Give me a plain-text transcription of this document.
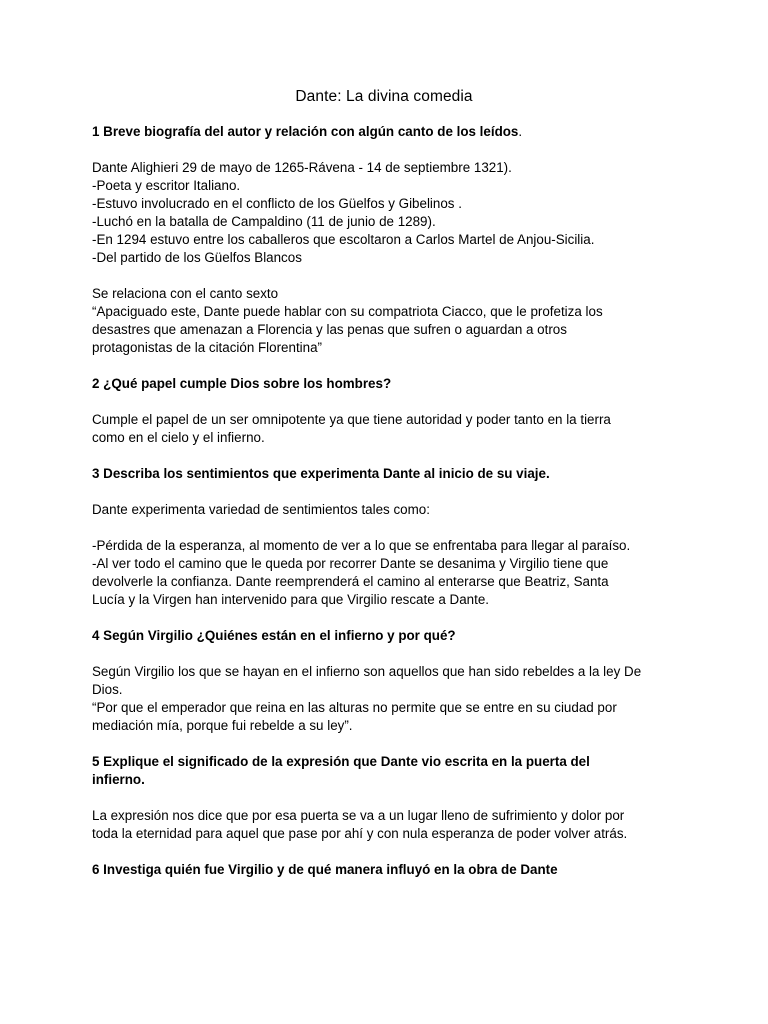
Dante: La divina comedia
1 Breve biografía del autor y relación con algún canto de los leídos.
Dante Alighieri 29 de mayo de 1265-Rávena - 14 de septiembre 1321).
-Poeta y escritor Italiano.
-Estuvo involucrado en el conflicto de los Güelfos y Gibelinos .
-Luchó en la batalla de Campaldino (11 de junio de 1289).
-En 1294 estuvo entre los caballeros que escoltaron a Carlos Martel de Anjou-Sicilia.
-Del partido de los Güelfos Blancos
Se relaciona con el canto sexto
“Apaciguado este, Dante puede hablar con su compatriota Ciacco, que le profetiza los
desastres que amenazan a Florencia y las penas que sufren o aguardan a otros
protagonistas de la citación Florentina”
2 ¿Qué papel cumple Dios sobre los hombres?
Cumple el papel de un ser omnipotente ya que tiene autoridad y poder tanto en la tierra
como en el cielo y el infierno.
3 Describa los sentimientos que experimenta Dante al inicio de su viaje.
Dante experimenta variedad de sentimientos tales como:
-Pérdida de la esperanza, al momento de ver a lo que se enfrentaba para llegar al paraíso.
-Al ver todo el camino que le queda por recorrer Dante se desanima y Virgilio tiene que
devolverle la confianza. Dante reemprenderá el camino al enterarse que Beatriz, Santa
Lucía y la Virgen han intervenido para que Virgilio rescate a Dante.
4 Según Virgilio ¿Quiénes están en el infierno y por qué?
Según Virgilio los que se hayan en el infierno son aquellos que han sido rebeldes a la ley De
Dios.
“Por que el emperador que reina en las alturas no permite que se entre en su ciudad por
mediación mía, porque fui rebelde a su ley”.
5 Explique el significado de la expresión que Dante vio escrita en la puerta del
infierno.
La expresión nos dice que por esa puerta se va a un lugar lleno de sufrimiento y dolor por
toda la eternidad para aquel que pase por ahí y con nula esperanza de poder volver atrás.
6 Investiga quién fue Virgilio y de qué manera influyó en la obra de Dante
